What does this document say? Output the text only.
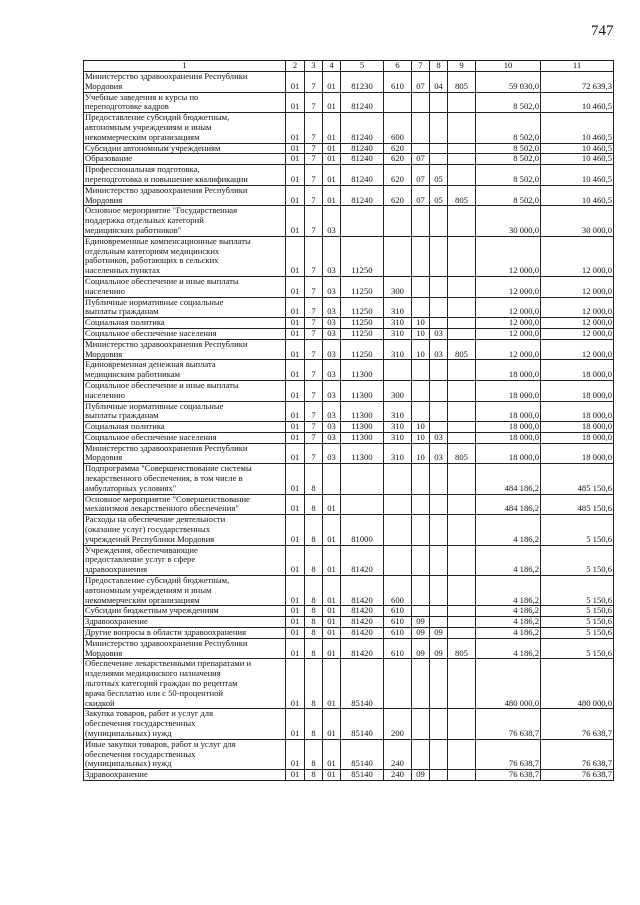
747
1	2	3	4	5	6	7	8	9	10	11
Министерство здравоохранения Республики
Мордовия	01	7	01	81230	610	07	04	805	59 030,0	72 639,3
Учебные заведения и курсы по
переподготовке кадров	01	7	01	81240					8 502,0	10 460,5
Предоставление субсидий бюджетным,
автономным учреждениям и иным
некоммерческим организациям	01	7	01	81240	600				8 502,0	10 460,5
Субсидии автономным учреждениям	01	7	01	81240	620				8 502,0	10 460,5
Образование	01	7	01	81240	620	07			8 502,0	10 460,5
Профессиональная подготовка,
переподготовка и повышение квалификации	01	7	01	81240	620	07	05		8 502,0	10 460,5
Министерство здравоохранения Республики
Мордовия	01	7	01	81240	620	07	05	805	8 502,0	10 460,5
Основное мероприятие "Государственная
поддержка отдельных категорий
медицинских работников"	01	7	03						30 000,0	30 000,0
Единовременные компенсационные выплаты
отдельным категориям медицинских
работников, работающих в сельских
населенных пунктах	01	7	03	11250					12 000,0	12 000,0
Социальное обеспечение и иные выплаты
населению	01	7	03	11250	300				12 000,0	12 000,0
Публичные нормативные социальные
выплаты гражданам	01	7	03	11250	310				12 000,0	12 000,0
Социальная политика	01	7	03	11250	310	10			12 000,0	12 000,0
Социальное обеспечение населения	01	7	03	11250	310	10	03		12 000,0	12 000,0
Министерство здравоохранения Республики
Мордовия	01	7	03	11250	310	10	03	805	12 000,0	12 000,0
Единовременная денежная выплата
медицинским работникам	01	7	03	11300					18 000,0	18 000,0
Социальное обеспечение и иные выплаты
населению	01	7	03	11300	300				18 000,0	18 000,0
Публичные нормативные социальные
выплаты гражданам	01	7	03	11300	310				18 000,0	18 000,0
Социальная политика	01	7	03	11300	310	10			18 000,0	18 000,0
Социальное обеспечение населения	01	7	03	11300	310	10	03		18 000,0	18 000,0
Министерство здравоохранения Республики
Мордовия	01	7	03	11300	310	10	03	805	18 000,0	18 000,0
Подпрограмма "Совершенствование системы
лекарственного обеспечения, в том числе в
амбулаторных условиях"	01	8							484 186,2	485 150,6
Основное мероприятие "Совершенствование
механизмов лекарственного обеспечения"	01	8	01						484 186,2	485 150,6
Расходы на обеспечение деятельности
(оказание услуг) государственных
учреждений Республики Мордовия	01	8	01	81000					4 186,2	5 150,6
Учреждения, обеспечивающие
предоставление услуг в сфере
здравоохранения	01	8	01	81420					4 186,2	5 150,6
Предоставление субсидий бюджетным,
автономным учреждениям и иным
некоммерческим организациям	01	8	01	81420	600				4 186,2	5 150,6
Субсидии бюджетным учреждениям	01	8	01	81420	610				4 186,2	5 150,6
Здравоохранение	01	8	01	81420	610	09			4 186,2	5 150,6
Другие вопросы в области здравоохранения	01	8	01	81420	610	09	09		4 186,2	5 150,6
Министерство здравоохранения Республики
Мордовия	01	8	01	81420	610	09	09	805	4 186,2	5 150,6
Обеспечение лекарственными препаратами и
изделиями медицинского назначения
льготных категорий граждан по рецептам
врача бесплатно или с 50-процентной
скидкой	01	8	01	85140					480 000,0	480 000,0
Закупка товаров, работ и услуг для
обеспечения государственных
(муниципальных) нужд	01	8	01	85140	200				76 638,7	76 638,7
Иные закупки товаров, работ и услуг для
обеспечения государственных
(муниципальных) нужд	01	8	01	85140	240				76 638,7	76 638,7
Здравоохранение	01	8	01	85140	240	09			76 638,7	76 638,7
